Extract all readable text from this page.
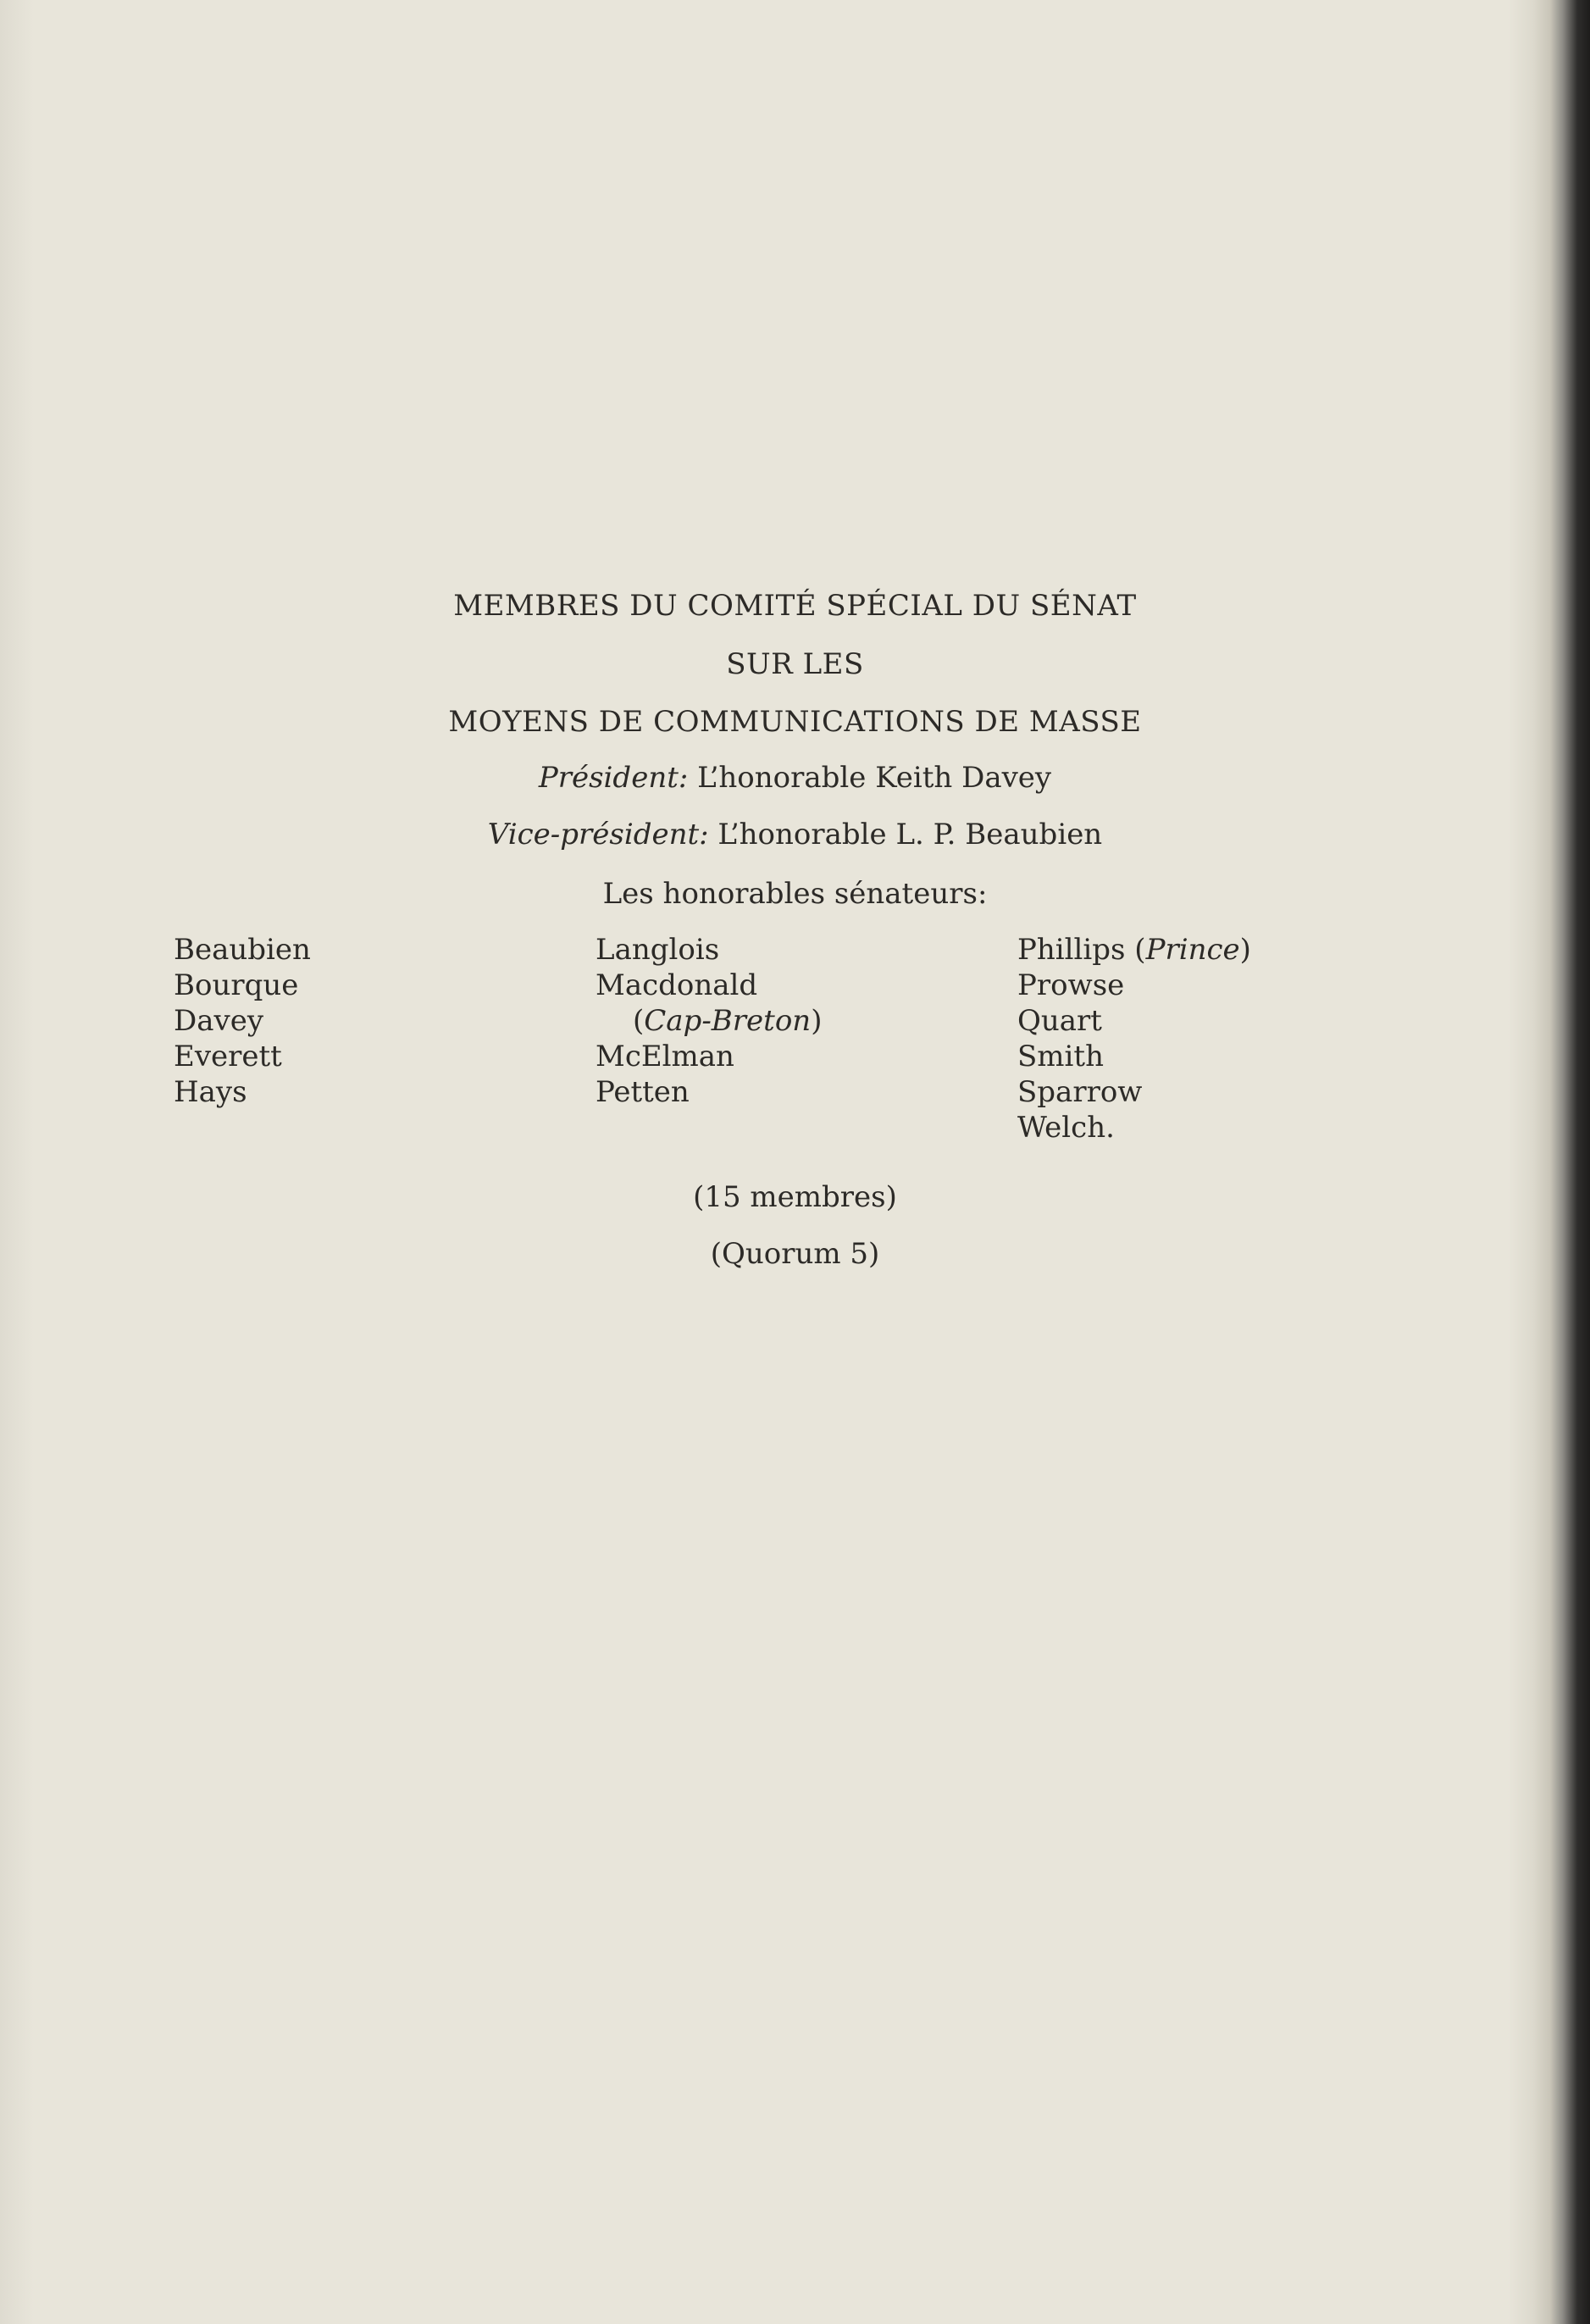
MEMBRES DU COMITÉ SPÉCIAL DU SÉNAT
SUR LES
MOYENS DE COMMUNICATIONS DE MASSE
Président: L’honorable Keith Davey
Vice-président: L’honorable L. P. Beaubien
Les honorables sénateurs:
Beaubien
Bourque
Davey
Everett
Hays
Langlois
Macdonald
(Cap-Breton)
McElman
Petten
Phillips (Prince)
Prowse
Quart
Smith
Sparrow
Welch.
(15 membres)
(Quorum 5)
